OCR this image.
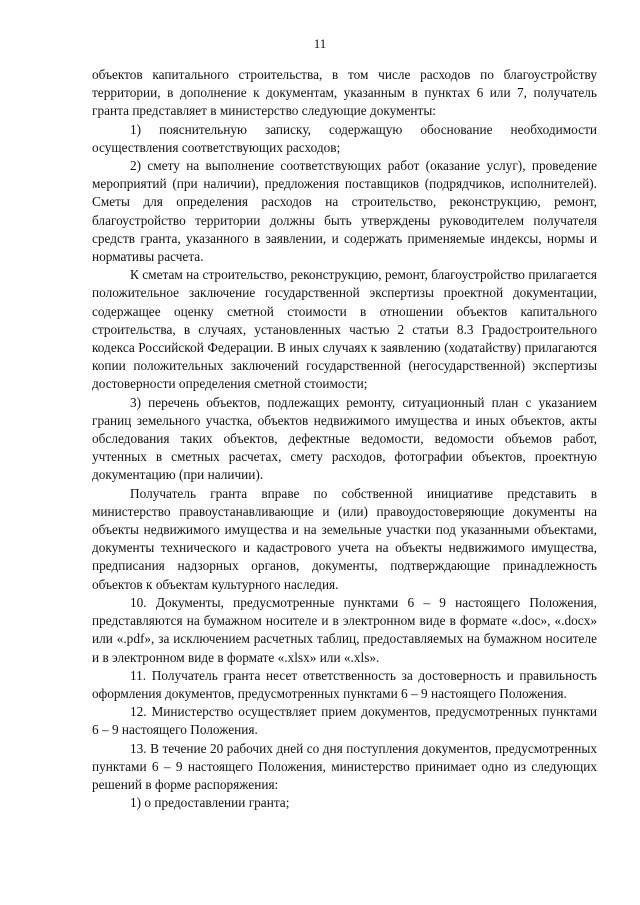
11

объектов капитального строительства, в том числе расходов по благоустройству территории, в дополнение к документам, указанным в пунктах 6 или 7, получатель гранта представляет в министерство следующие документы:

1) пояснительную записку, содержащую обоснование необходимости осуществления соответствующих расходов;

2) смету на выполнение соответствующих работ (оказание услуг), проведение мероприятий (при наличии), предложения поставщиков (подрядчиков, исполнителей). Сметы для определения расходов на строительство, реконструкцию, ремонт, благоустройство территории должны быть утверждены руководителем получателя средств гранта, указанного в заявлении, и содержать применяемые индексы, нормы и нормативы расчета.

К сметам на строительство, реконструкцию, ремонт, благоустройство прилагается положительное заключение государственной экспертизы проектной документации, содержащее оценку сметной стоимости в отношении объектов капитального строительства, в случаях, установленных частью 2 статьи 8.3 Градостроительного кодекса Российской Федерации. В иных случаях к заявлению (ходатайству) прилагаются копии положительных заключений государственной (негосударственной) экспертизы достоверности определения сметной стоимости;

3) перечень объектов, подлежащих ремонту, ситуационный план с указанием границ земельного участка, объектов недвижимого имущества и иных объектов, акты обследования таких объектов, дефектные ведомости, ведомости объемов работ, учтенных в сметных расчетах, смету расходов, фотографии объектов, проектную документацию (при наличии).

Получатель гранта вправе по собственной инициативе представить в министерство правоустанавливающие и (или) правоудостоверяющие документы на объекты недвижимого имущества и на земельные участки под указанными объектами, документы технического и кадастрового учета на объекты недвижимого имущества, предписания надзорных органов, документы, подтверждающие принадлежность объектов к объектам культурного наследия.

10. Документы, предусмотренные пунктами 6 – 9 настоящего Положения, представляются на бумажном носителе и в электронном виде в формате «.doc», «.docx» или «.pdf», за исключением расчетных таблиц, предоставляемых на бумажном носителе и в электронном виде в формате «.xlsx» или «.xls».

11. Получатель гранта несет ответственность за достоверность и правильность оформления документов, предусмотренных пунктами 6 – 9 настоящего Положения.

12. Министерство осуществляет прием документов, предусмотренных пунктами 6 – 9 настоящего Положения.

13. В течение 20 рабочих дней со дня поступления документов, предусмотренных пунктами 6 – 9 настоящего Положения, министерство принимает одно из следующих решений в форме распоряжения:

1) о предоставлении гранта;
